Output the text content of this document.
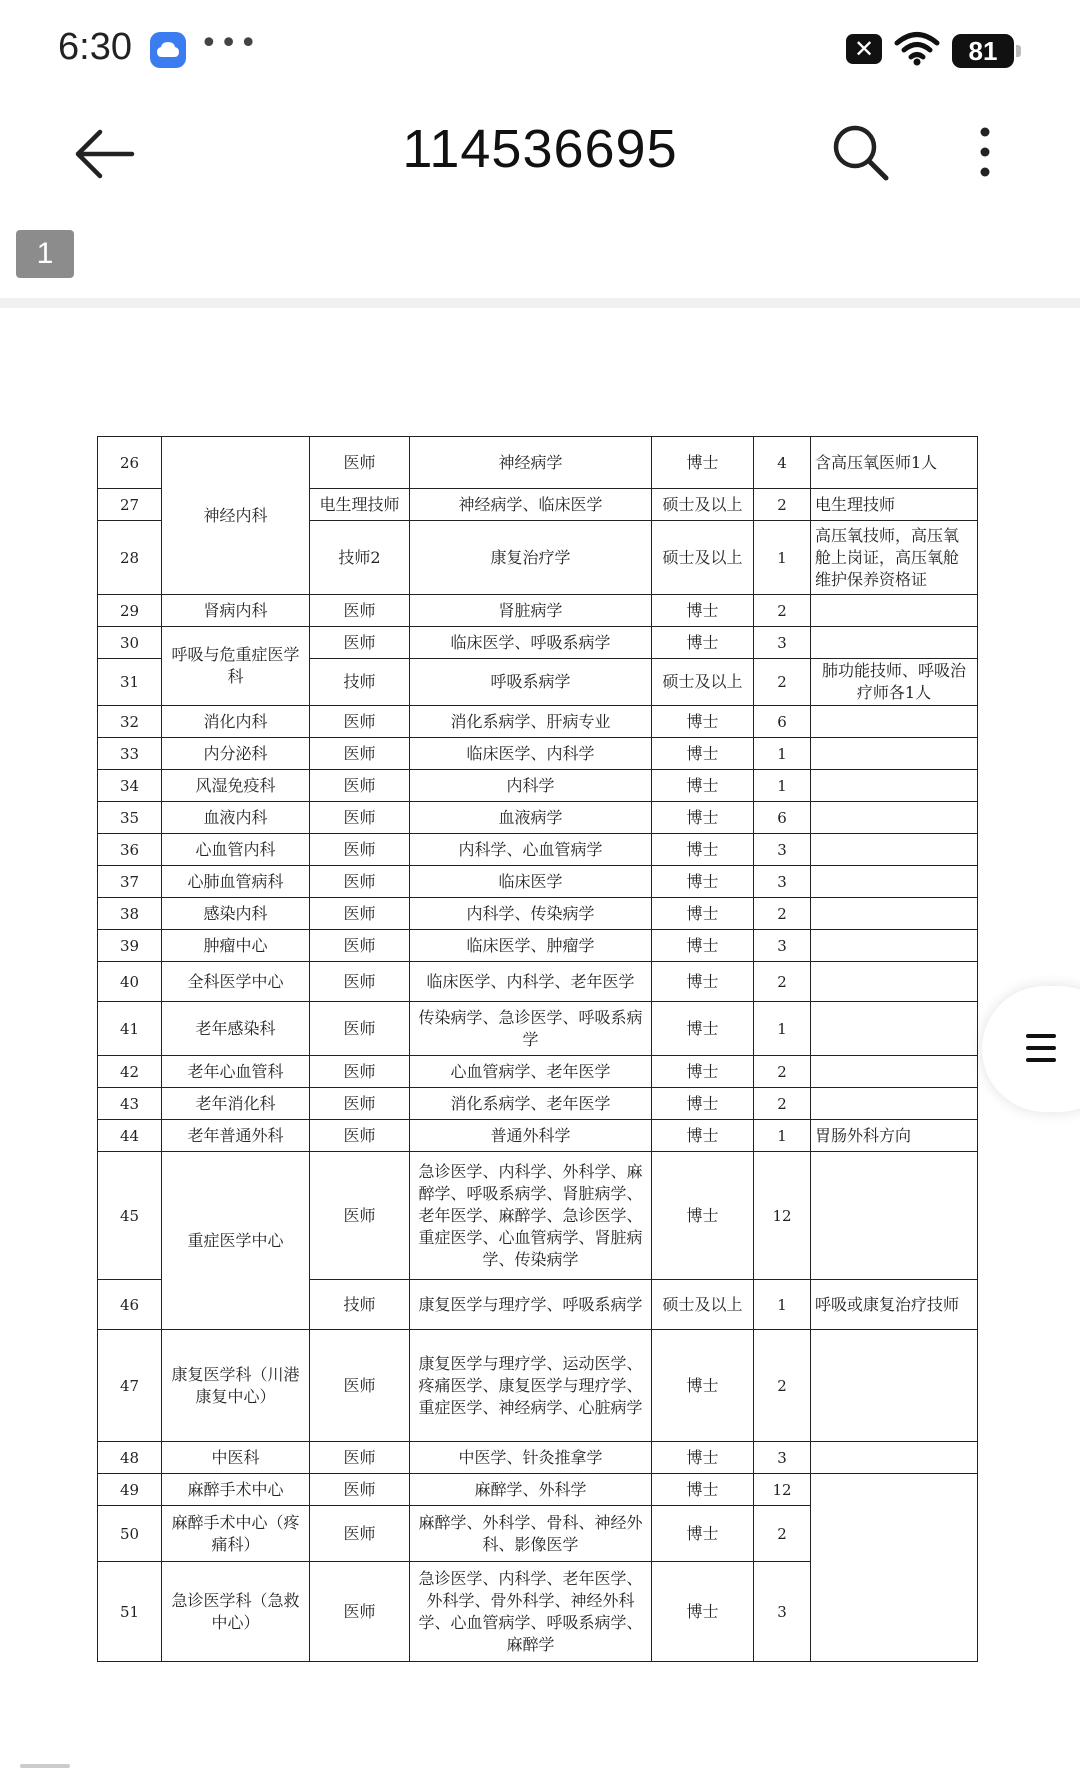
6:30 •••	✕	81
114536695
1
26	神经内科	医师	神经病学	博士	4	含高压氧医师1人
27		电生理技师	神经病学、临床医学	硕士及以上	2	电生理技师
28		技师2	康复治疗学	硕士及以上	1	高压氧技师，高压氧舱上岗证，高压氧舱维护保养资格证
29	肾病内科	医师	肾脏病学	博士	2	
30	呼吸与危重症医学科	医师	临床医学、呼吸系病学	博士	3	
31		技师	呼吸系病学	硕士及以上	2	肺功能技师、呼吸治疗师各1人
32	消化内科	医师	消化系病学、肝病专业	博士	6	
33	内分泌科	医师	临床医学、内科学	博士	1	
34	风湿免疫科	医师	内科学	博士	1	
35	血液内科	医师	血液病学	博士	6	
36	心血管内科	医师	内科学、心血管病学	博士	3	
37	心肺血管病科	医师	临床医学	博士	3	
38	感染内科	医师	内科学、传染病学	博士	2	
39	肿瘤中心	医师	临床医学、肿瘤学	博士	3	
40	全科医学中心	医师	临床医学、内科学、老年医学	博士	2	
41	老年感染科	医师	传染病学、急诊医学、呼吸系病学	博士	1	
42	老年心血管科	医师	心血管病学、老年医学	博士	2	
43	老年消化科	医师	消化系病学、老年医学	博士	2	
44	老年普通外科	医师	普通外科学	博士	1	胃肠外科方向
45	重症医学中心	医师	急诊医学、内科学、外科学、麻醉学、呼吸系病学、肾脏病学、老年医学、麻醉学、急诊医学、重症医学、心血管病学、肾脏病学、传染病学	博士	12	
46		技师	康复医学与理疗学、呼吸系病学	硕士及以上	1	呼吸或康复治疗技师
47	康复医学科（川港康复中心）	医师	康复医学与理疗学、运动医学、疼痛医学、康复医学与理疗学、重症医学、神经病学、心脏病学	博士	2	
48	中医科	医师	中医学、针灸推拿学	博士	3	
49	麻醉手术中心	医师	麻醉学、外科学	博士	12	
50	麻醉手术中心（疼痛科）	医师	麻醉学、外科学、骨科、神经外科、影像医学	博士	2	
51	急诊医学科（急救中心）	医师	急诊医学、内科学、老年医学、外科学、骨外科学、神经外科学、心血管病学、呼吸系病学、麻醉学	博士	3	
